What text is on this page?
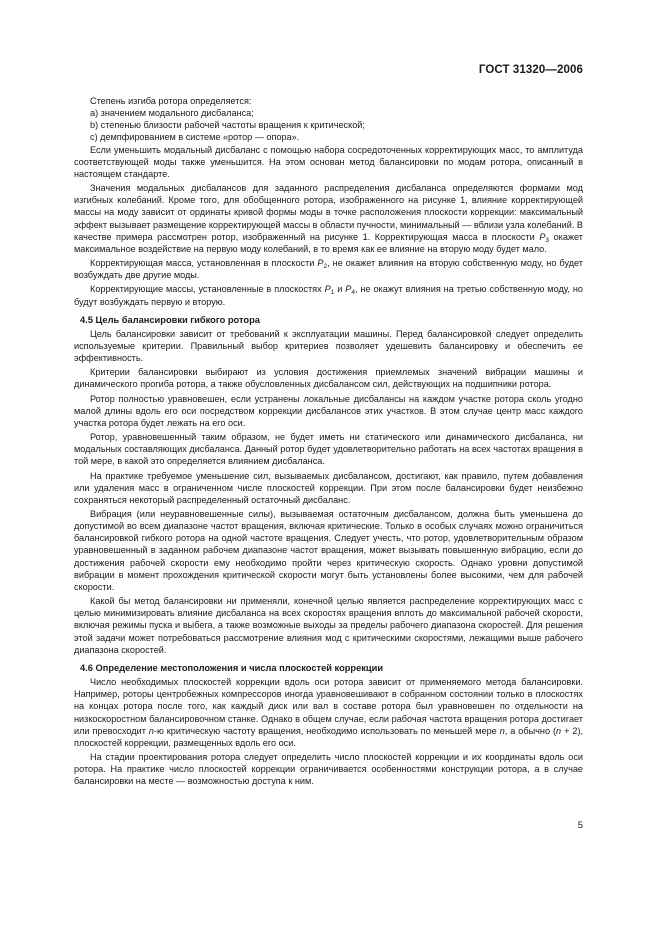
ГОСТ 31320—2006

Степень изгиба ротора определяется:

a) значением модального дисбаланса;

b) степенью близости рабочей частоты вращения к критической;

c) демпфированием в системе «ротор — опора».

Если уменьшить модальный дисбаланс с помощью набора сосредоточенных корректирующих масс, то амплитуда соответствующей моды также уменьшится. На этом основан метод балансировки по модам ротора, описанный в настоящем стандарте.

Значения модальных дисбалансов для заданного распределения дисбаланса определяются формами мод изгибных колебаний. Кроме того, для обобщенного ротора, изображенного на рисунке 1, влияние корректирующей массы на моду зависит от ординаты кривой формы моды в точке расположения плоскости коррекции: максимальный эффект вызывает размещение корректирующей массы в области пучности, минимальный — вблизи узла колебаний. В качестве примера рассмотрен ротор, изображенный на рисунке 1. Корректирующая масса в плоскости $P_3$ окажет максимальное воздействие на первую моду колебаний, в то время как ее влияние на вторую моду будет мало.

Корректирующая масса, установленная в плоскости $P_2$, не окажет влияния на вторую собственную моду, но будет возбуждать две другие моды.

Корректирующие массы, установленные в плоскостях $P_1$ и $P_4$, не окажут влияния на третью собственную моду, но будут возбуждать первую и вторую.

4.5 Цель балансировки гибкого ротора

Цель балансировки зависит от требований к эксплуатации машины. Перед балансировкой следует определить используемые критерии. Правильный выбор критериев позволяет удешевить балансировку и обеспечить ее эффективность.

Критерии балансировки выбирают из условия достижения приемлемых значений вибрации машины и динамического прогиба ротора, а также обусловленных дисбалансом сил, действующих на подшипники ротора.

Ротор полностью уравновешен, если устранены локальные дисбалансы на каждом участке ротора сколь угодно малой длины вдоль его оси посредством коррекции дисбалансов этих участков. В этом случае центр масс каждого участка ротора будет лежать на его оси.

Ротор, уравновешенный таким образом, не будет иметь ни статического или динамического дисбаланса, ни модальных составляющих дисбаланса. Данный ротор будет удовлетворительно работать на всех частотах вращения в той мере, в какой это определяется влиянием дисбаланса.

На практике требуемое уменьшение сил, вызываемых дисбалансом, достигают, как правило, путем добавления или удаления масс в ограниченном числе плоскостей коррекции. При этом после балансировки будет неизбежно сохраняться некоторый распределенный остаточный дисбаланс.

Вибрация (или неуравновешенные силы), вызываемая остаточным дисбалансом, должна быть уменьшена до допустимой во всем диапазоне частот вращения, включая критические. Только в особых случаях можно ограничиться балансировкой гибкого ротора на одной частоте вращения. Следует учесть, что ротор, удовлетворительным образом уравновешенный в заданном рабочем диапазоне частот вращения, может вызывать повышенную вибрацию, если до достижения рабочей скорости ему необходимо пройти через критическую скорость. Однако уровни допустимой вибрации в момент прохождения критической скорости могут быть установлены более высокими, чем для рабочей скорости.

Какой бы метод балансировки ни применяли, конечной целью является распределение корректирующих масс с целью минимизировать влияние дисбаланса на всех скоростях вращения вплоть до максимальной рабочей скорости, включая режимы пуска и выбега, а также возможные выходы за пределы рабочего диапазона скоростей. Для решения этой задачи может потребоваться рассмотрение влияния мод с критическими скоростями, лежащими выше рабочего диапазона скоростей.

4.6 Определение местоположения и числа плоскостей коррекции

Число необходимых плоскостей коррекции вдоль оси ротора зависит от применяемого метода балансировки. Например, роторы центробежных компрессоров иногда уравновешивают в собранном состоянии только в плоскостях на концах ротора после того, как каждый диск или вал в составе ротора был уравновешен по отдельности на низкоскоростном балансировочном станке. Однако в общем случае, если рабочая частота вращения ротора достигает или превосходит n-ю критическую частоту вращения, необходимо использовать по меньшей мере n, а обычно (n + 2), плоскостей коррекции, размещенных вдоль его оси.

На стадии проектирования ротора следует определить число плоскостей коррекции и их координаты вдоль оси ротора. На практике число плоскостей коррекции ограничивается особенностями конструкции ротора, а в случае балансировки на месте — возможностью доступа к ним.

5
